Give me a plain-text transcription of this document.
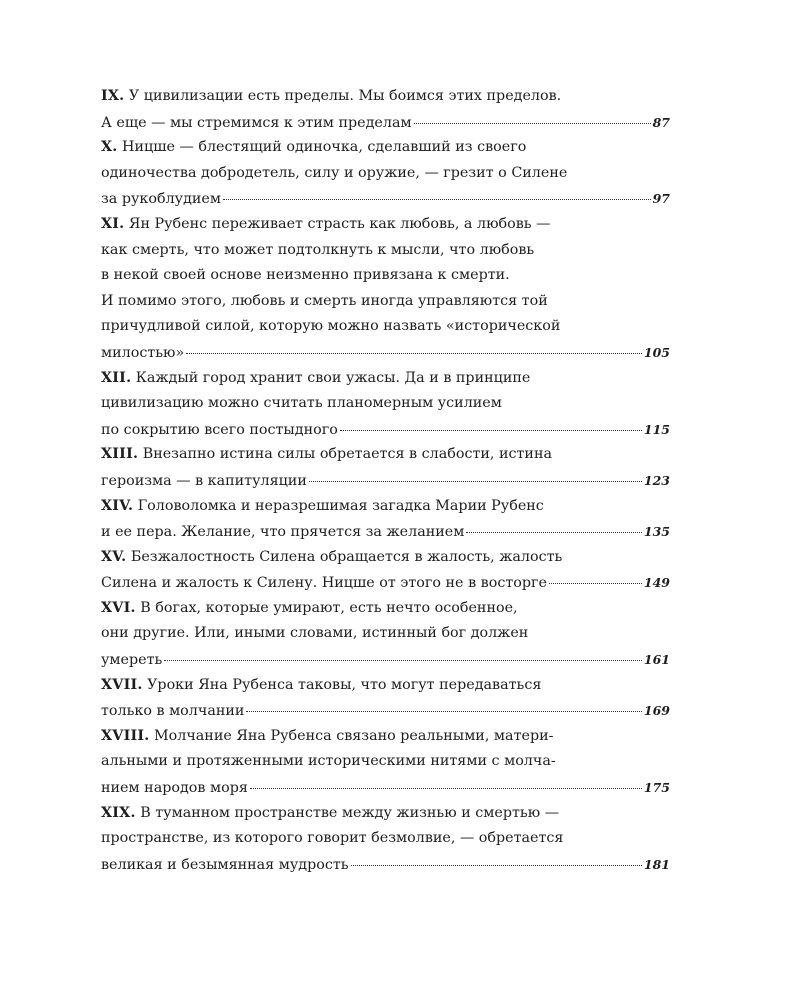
IX. У цивилизации есть пределы. Мы боимся этих пределов.
А еще — мы стремимся к этим пределам	87
X. Ницше — блестящий одиночка, сделавший из своего
одиночества добродетель, силу и оружие, — грезит о Силене
за рукоблудием	97
XI. Ян Рубенс переживает страсть как любовь, а любовь —
как смерть, что может подтолкнуть к мысли, что любовь
в некой своей основе неизменно привязана к смерти.
И помимо этого, любовь и смерть иногда управляются той
причудливой силой, которую можно назвать «исторической
милостью»	105
XII. Каждый город хранит свои ужасы. Да и в принципе
цивилизацию можно считать планомерным усилием
по сокрытию всего постыдного	115
XIII. Внезапно истина силы обретается в слабости, истина
героизма — в капитуляции	123
XIV. Головоломка и неразрешимая загадка Марии Рубенс
и ее пера. Желание, что прячется за желанием	135
XV. Безжалостность Силена обращается в жалость, жалость
Силена и жалость к Силену. Ницше от этого не в восторге	149
XVI. В богах, которые умирают, есть нечто особенное,
они другие. Или, иными словами, истинный бог должен
умереть	161
XVII. Уроки Яна Рубенса таковы, что могут передаваться
только в молчании	169
XVIII. Молчание Яна Рубенса связано реальными, матери-
альными и протяженными историческими нитями с молча-
нием народов моря	175
XIX. В туманном пространстве между жизнью и смертью —
пространстве, из которого говорит безмолвие, — обретается
великая и безымянная мудрость	181
